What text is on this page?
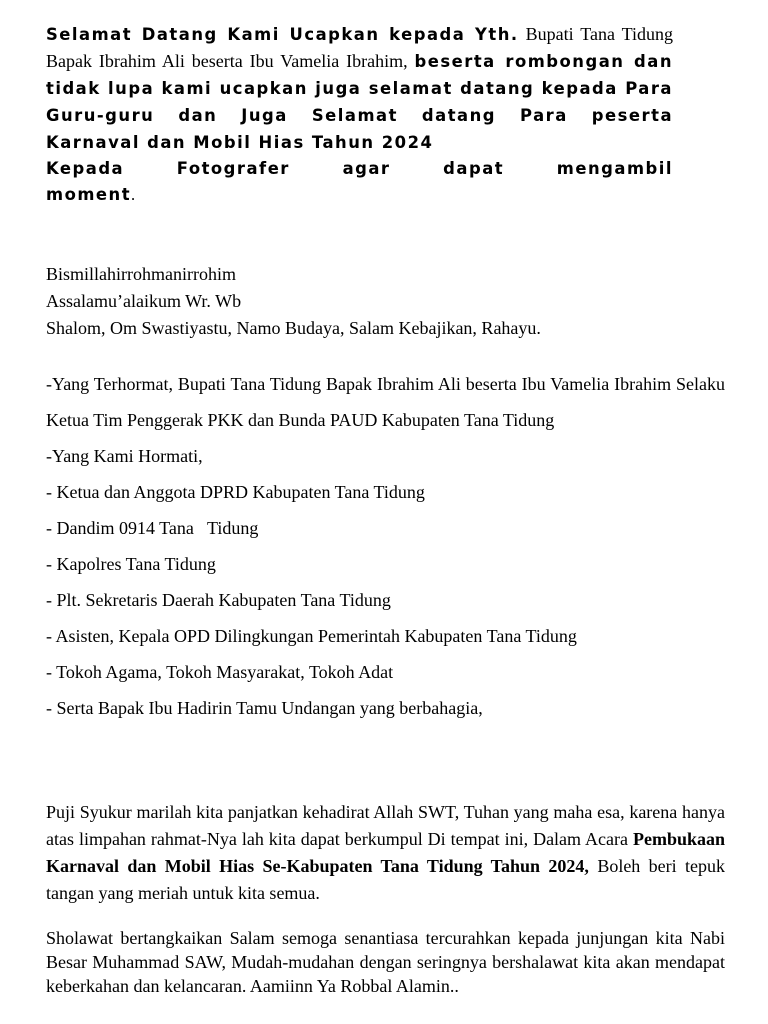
Selamat Datang Kami Ucapkan kepada Yth. Bupati Tana Tidung Bapak Ibrahim Ali beserta Ibu Vamelia Ibrahim, beserta rombongan dan tidak lupa kami ucapkan juga selamat datang kepada Para Guru-guru dan Juga Selamat datang Para peserta Karnaval dan Mobil Hias Tahun 2024
Kepada Fotografer agar dapat mengambil
moment.

Bismillahirrohmanirrohim
Assalamu’alaikum Wr. Wb
Shalom, Om Swastiyastu, Namo Budaya, Salam Kebajikan, Rahayu.
-Yang Terhormat, Bupati Tana Tidung Bapak Ibrahim Ali beserta Ibu Vamelia Ibrahim Selaku Ketua Tim Penggerak PKK dan Bunda PAUD Kabupaten Tana Tidung
-Yang Kami Hormati,
- Ketua dan Anggota DPRD Kabupaten Tana Tidung
- Dandim 0914 Tana   Tidung
- Kapolres Tana Tidung
- Plt. Sekretaris Daerah Kabupaten Tana Tidung
- Asisten, Kepala OPD Dilingkungan Pemerintah Kabupaten Tana Tidung
- Tokoh Agama, Tokoh Masyarakat, Tokoh Adat
- Serta Bapak Ibu Hadirin Tamu Undangan yang berbahagia,

Puji Syukur marilah kita panjatkan kehadirat Allah SWT, Tuhan yang maha esa, karena hanya atas limpahan rahmat-Nya lah kita dapat berkumpul Di tempat ini, Dalam Acara Pembukaan Karnaval dan Mobil Hias Se-Kabupaten Tana Tidung Tahun 2024, Boleh beri tepuk tangan yang meriah untuk kita semua.

Sholawat bertangkaikan Salam semoga senantiasa tercurahkan kepada junjungan kita Nabi Besar Muhammad SAW, Mudah-mudahan dengan seringnya bershalawat kita akan mendapat keberkahan dan kelancaran. Aamiinn Ya Robbal Alamin..
